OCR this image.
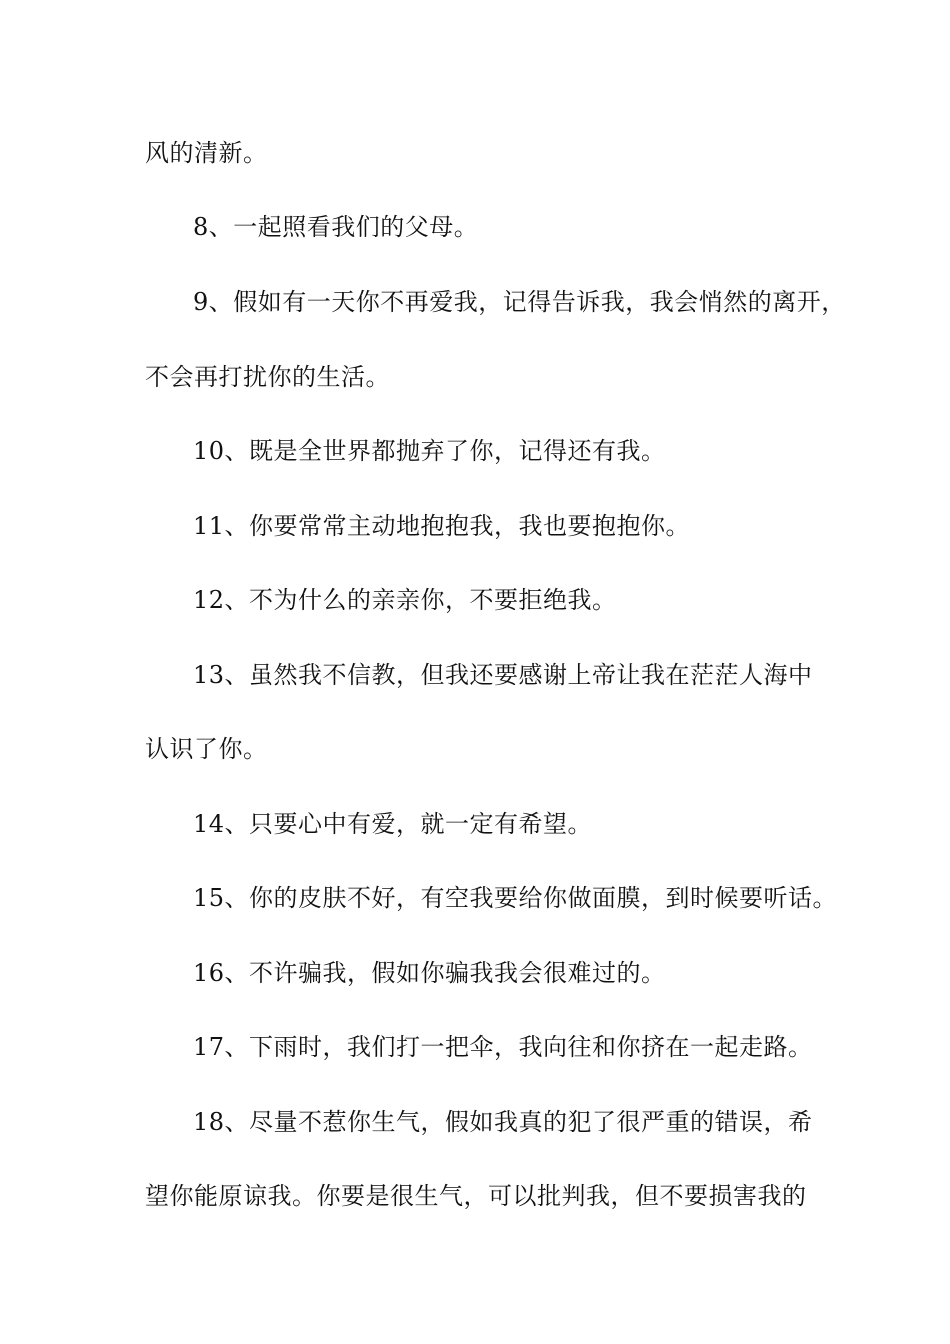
风的清新。
8、一起照看我们的父母。
9、假如有一天你不再爱我，记得告诉我，我会悄然的离开，
不会再打扰你的生活。
10、既是全世界都抛弃了你，记得还有我。
11、你要常常主动地抱抱我，我也要抱抱你。
12、不为什么的亲亲你，不要拒绝我。
13、虽然我不信教，但我还要感谢上帝让我在茫茫人海中
认识了你。
14、只要心中有爱，就一定有希望。
15、你的皮肤不好，有空我要给你做面膜，到时候要听话。
16、不许骗我，假如你骗我我会很难过的。
17、下雨时，我们打一把伞，我向往和你挤在一起走路。
18、尽量不惹你生气，假如我真的犯了很严重的错误，希
望你能原谅我。你要是很生气，可以批判我，但不要损害我的
